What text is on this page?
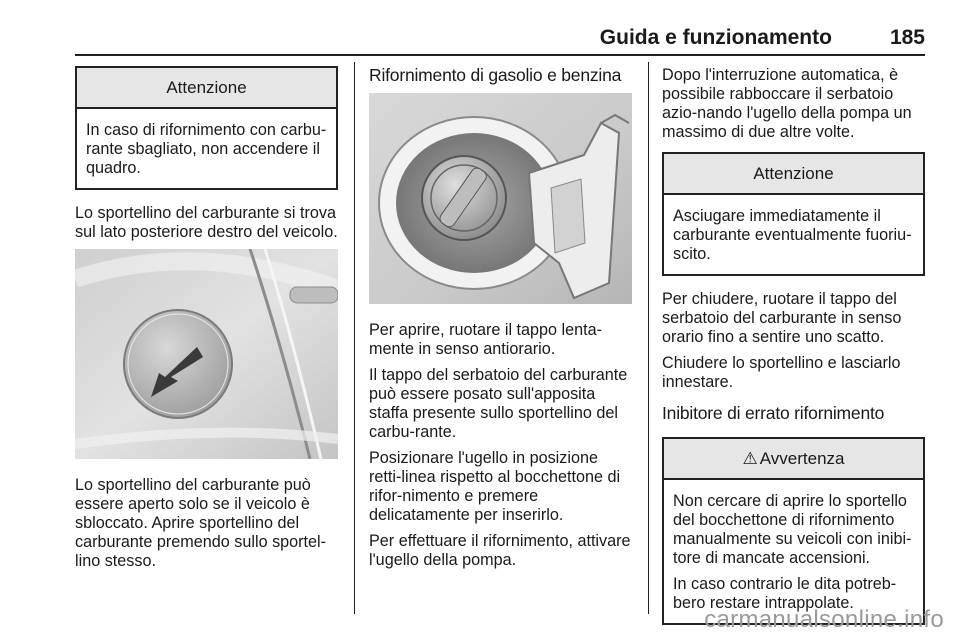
Guida e funzionamento	185
Attenzione

In caso di rifornimento con carbu-rante sbagliato, non accendere il quadro.

Lo sportellino del carburante si trova sul lato posteriore destro del veicolo.

Lo sportellino del carburante può essere aperto solo se il veicolo è sbloccato. Aprire sportellino del carburante premendo sullo sportel-lino stesso.

Rifornimento di gasolio e benzina

Per aprire, ruotare il tappo lenta-mente in senso antiorario.

Il tappo del serbatoio del carburante può essere posato sull'apposita staffa presente sullo sportellino del carbu-rante.

Posizionare l'ugello in posizione retti-linea rispetto al bocchettone di rifor-nimento e premere delicatamente per inserirlo.

Per effettuare il rifornimento, attivare l'ugello della pompa.

Dopo l'interruzione automatica, è possibile rabboccare il serbatoio azio-nando l'ugello della pompa un massimo di due altre volte.

Attenzione

Asciugare immediatamente il carburante eventualmente fuoriu-scito.

Per chiudere, ruotare il tappo del serbatoio del carburante in senso orario fino a sentire uno scatto.

Chiudere lo sportellino e lasciarlo innestare.

Inibitore di errato rifornimento
⚠ Avvertenza

Non cercare di aprire lo sportello del bocchettone di rifornimento manualmente su veicoli con inibi-tore di mancate accensioni.

In caso contrario le dita potreb-bero restare intrappolate.

carmanualsonline.info
